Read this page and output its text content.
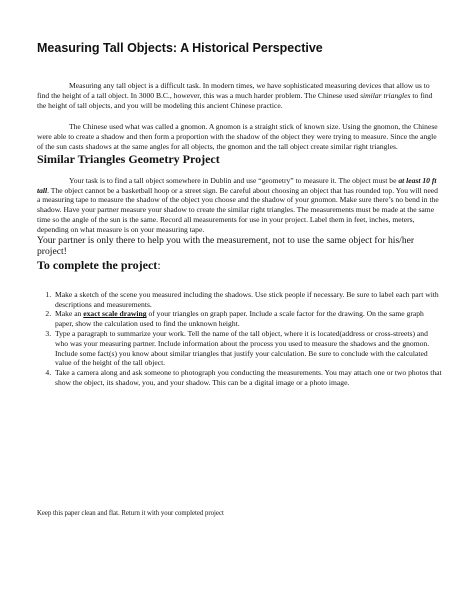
Measuring Tall Objects: A Historical Perspective

Measuring any tall object is a difficult task. In modern times, we have sophisticated measuring devices that allow us to find the height of a tall object. In 3000 B.C., however, this was a much harder problem. The Chinese used similar triangles to find the height of tall objects, and you will be modeling this ancient Chinese practice.

The Chinese used what was called a gnomon. A gnomon is a straight stick of known size. Using the gnomon, the Chinese were able to create a shadow and then form a proportion with the shadow of the object they were trying to measure. Since the angle of the sun casts shadows at the same angles for all objects, the gnomon and the tall object create similar right triangles.

Similar Triangles Geometry Project

Your task is to find a tall object somewhere in Dublin and use “geometry” to measure it. The object must be at least 10 ft tall. The object cannot be a basketball hoop or a street sign. Be careful about choosing an object that has rounded top. You will need a measuring tape to measure the shadow of the object you choose and the shadow of your gnomon. Make sure there’s no bend in the shadow. Have your partner measure your shadow to create the similar right triangles. The measurements must be made at the same time so the angle of the sun is the same. Record all measurements for use in your project. Label them in feet, inches, meters, depending on what measure is on your measuring tape.

Your partner is only there to help you with the measurement, not to use the same object for his/her project!

To complete the project:
1. Make a sketch of the scene you measured including the shadows. Use stick people if necessary. Be sure to label each part with descriptions and measurements.
2. Make an exact scale drawing of your triangles on graph paper. Include a scale factor for the drawing. On the same graph paper, show the calculation used to find the unknown height.
3. Type a paragraph to summarize your work. Tell the name of the tall object, where it is located(address or cross-streets) and who was your measuring partner. Include information about the process you used to measure the shadows and the gnomon. Include some fact(s) you know about similar triangles that justify your calculation. Be sure to conclude with the calculated value of the height of the tall object.
4. Take a camera along and ask someone to photograph you conducting the measurements. You may attach one or two photos that show the object, its shadow, you, and your shadow. This can be a digital image or a photo image.

Keep this paper clean and flat. Return it with your completed project
